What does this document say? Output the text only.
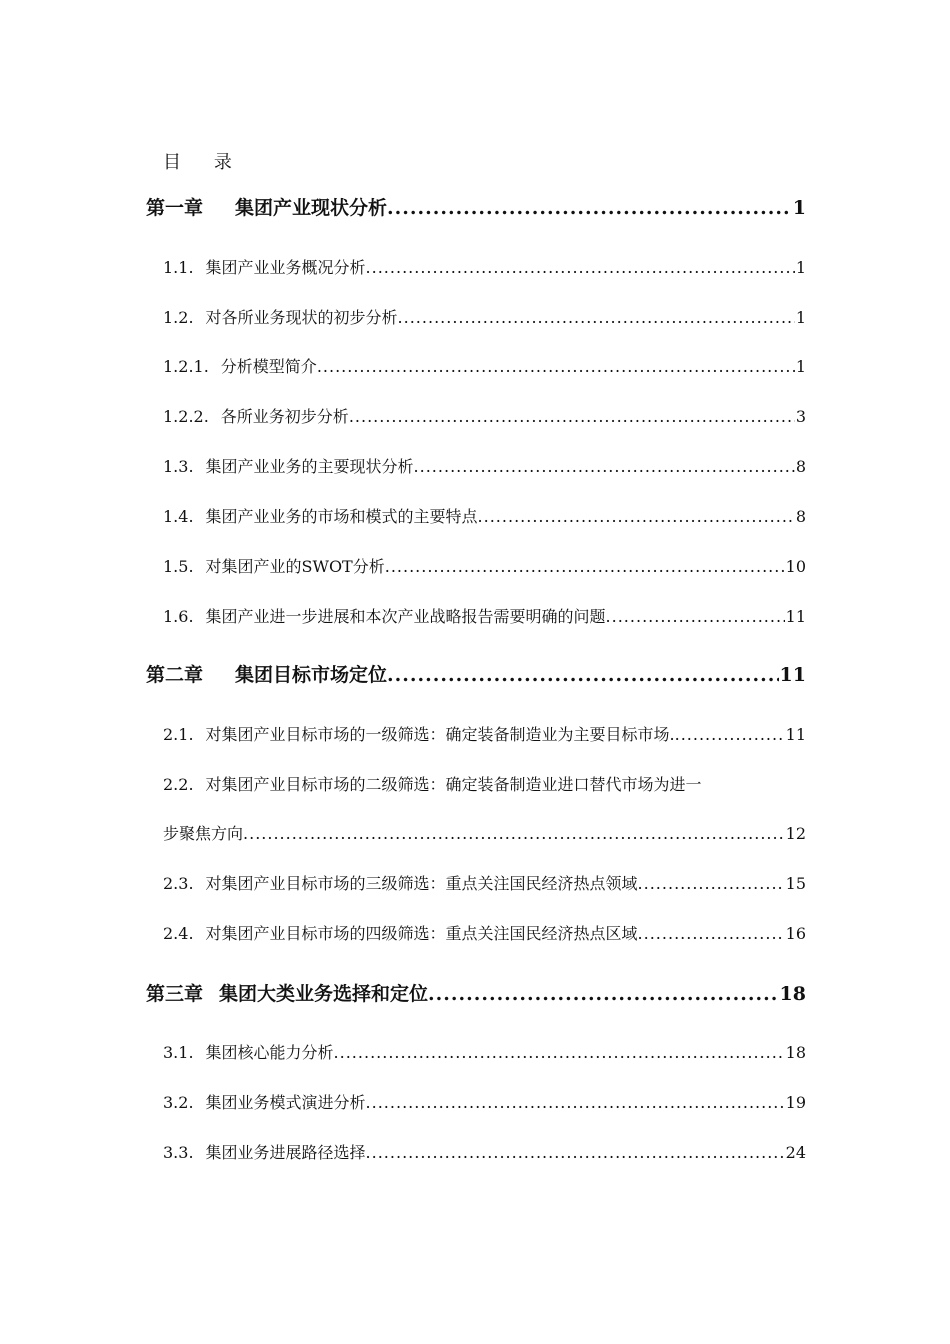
目    录
第一章 集团产业现状分析 .....	1
1.1. 集团产业业务概况分析 .....	1
1.2. 对各所业务现状的初步分析 .....	1
1.2.1. 分析模型简介 .....	1
1.2.2. 各所业务初步分析 .....	3
1.3. 集团产业业务的主要现状分析 .....	8
1.4. 集团产业业务的市场和模式的主要特点 .....	8
1.5. 对集团产业的SWOT分析 .....	10
1.6. 集团产业进一步进展和本次产业战略报告需要明确的问题 .....	11
第二章 集团目标市场定位 .....	11
2.1. 对集团产业目标市场的一级筛选：确定装备制造业为主要目标市场. .....	11
2.2. 对集团产业目标市场的二级筛选：确定装备制造业进口替代市场为进一
步聚焦方向 .....	12
2.3. 对集团产业目标市场的三级筛选：重点关注国民经济热点领域 .....	15
2.4. 对集团产业目标市场的四级筛选：重点关注国民经济热点区域 .....	16
第三章 集团大类业务选择和定位 .....	18
3.1. 集团核心能力分析 .....	18
3.2. 集团业务模式演进分析 .....	19
3.3. 集团业务进展路径选择 .....	24
